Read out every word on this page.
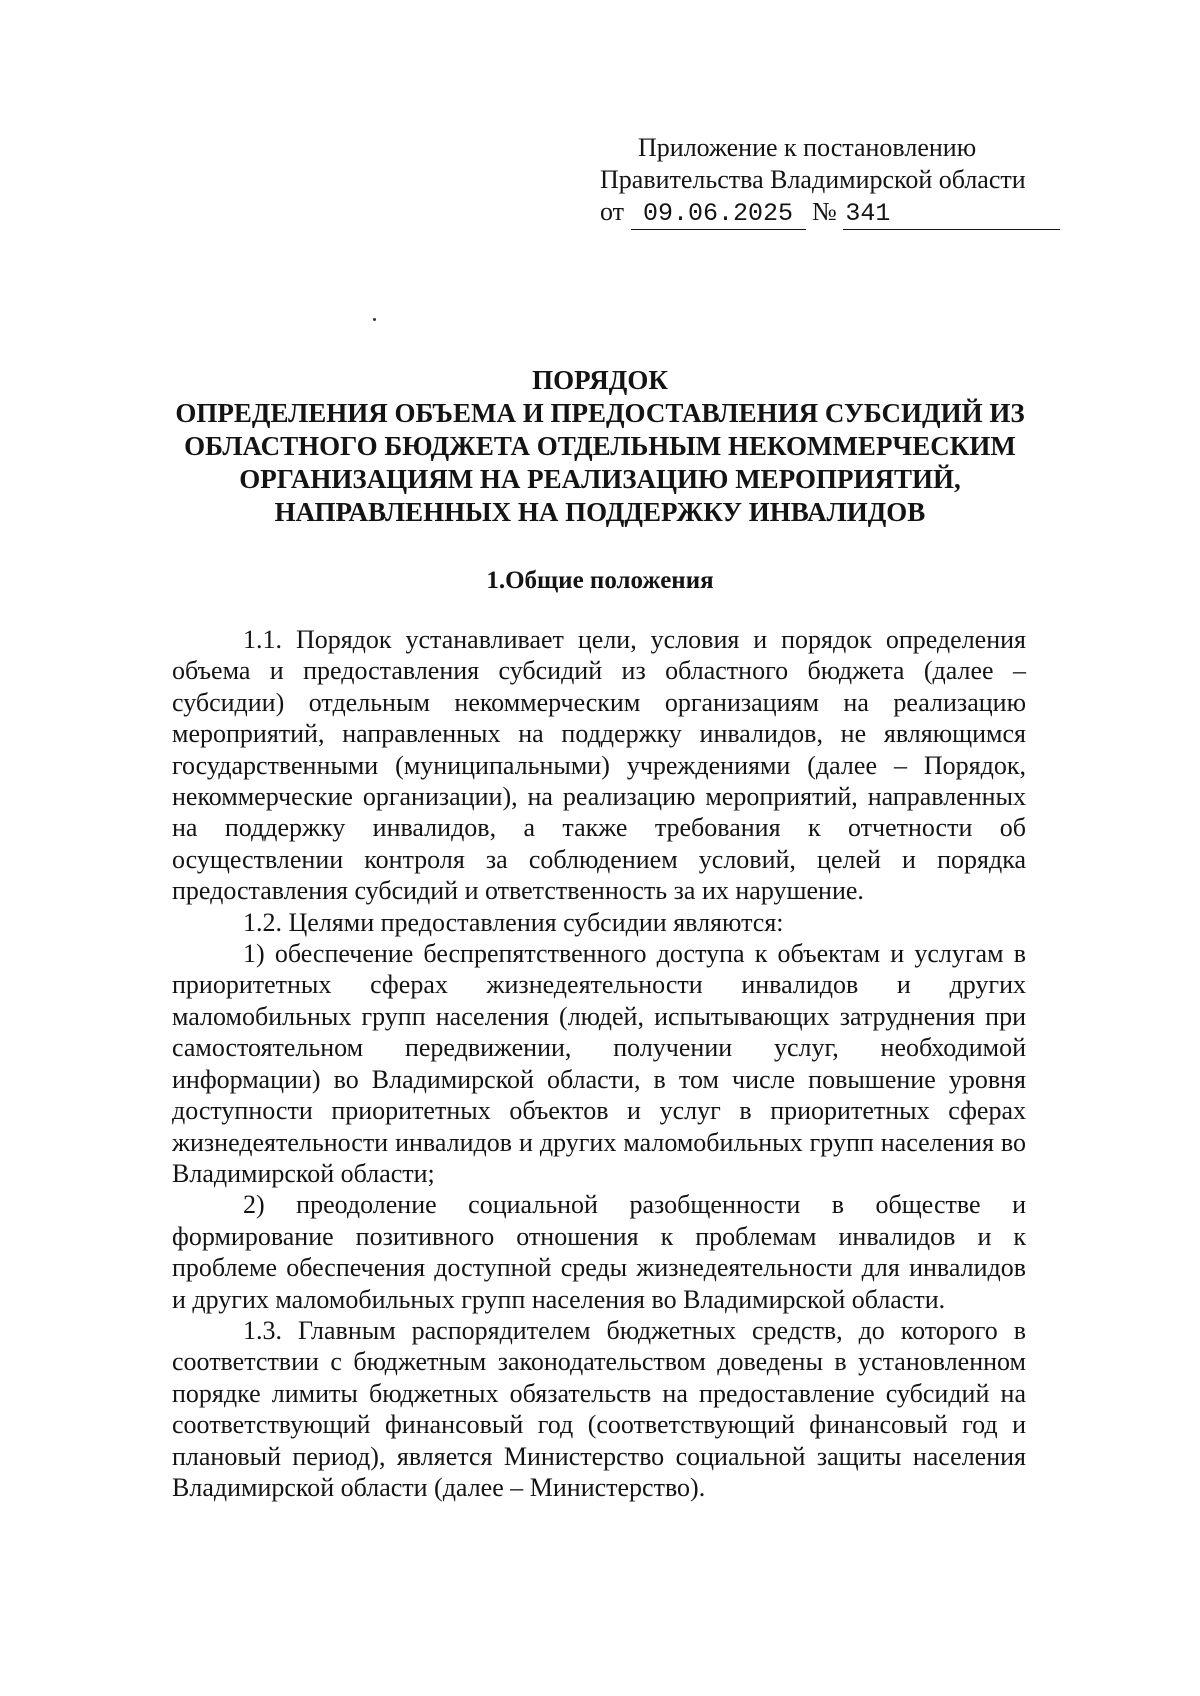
Приложение к постановлению
Правительства Владимирской области
от 09.06.2025 № 341
ПОРЯДОК
ОПРЕДЕЛЕНИЯ ОБЪЕМА И ПРЕДОСТАВЛЕНИЯ СУБСИДИЙ ИЗ
ОБЛАСТНОГО БЮДЖЕТА ОТДЕЛЬНЫМ НЕКОММЕРЧЕСКИМ
ОРГАНИЗАЦИЯМ НА РЕАЛИЗАЦИЮ МЕРОПРИЯТИЙ,
НАПРАВЛЕННЫХ НА ПОДДЕРЖКУ ИНВАЛИДОВ
1.Общие положения

1.1. Порядок устанавливает цели, условия и порядок определения объема и предоставления субсидий из областного бюджета (далее – субсидии) отдельным некоммерческим организациям на реализацию мероприятий, направленных на поддержку инвалидов, не являющимся государственными (муниципальными) учреждениями (далее – Порядок, некоммерческие организации), на реализацию мероприятий, направленных на поддержку инвалидов, а также требования к отчетности об осуществлении контроля за соблюдением условий, целей и порядка предоставления субсидий и ответственность за их нарушение.

1.2. Целями предоставления субсидии являются:

1) обеспечение беспрепятственного доступа к объектам и услугам в приоритетных сферах жизнедеятельности инвалидов и других маломобильных групп населения (людей, испытывающих затруднения при самостоятельном передвижении, получении услуг, необходимой информации) во Владимирской области, в том числе повышение уровня доступности приоритетных объектов и услуг в приоритетных сферах жизнедеятельности инвалидов и других маломобильных групп населения во Владимирской области;

2) преодоление социальной разобщенности в обществе и формирование позитивного отношения к проблемам инвалидов и к проблеме обеспечения доступной среды жизнедеятельности для инвалидов и других маломобильных групп населения во Владимирской области.

1.3. Главным распорядителем бюджетных средств, до которого в соответствии с бюджетным законодательством доведены в установленном порядке лимиты бюджетных обязательств на предоставление субсидий на соответствующий финансовый год (соответствующий финансовый год и плановый период), является Министерство социальной защиты населения Владимирской области (далее – Министерство).
